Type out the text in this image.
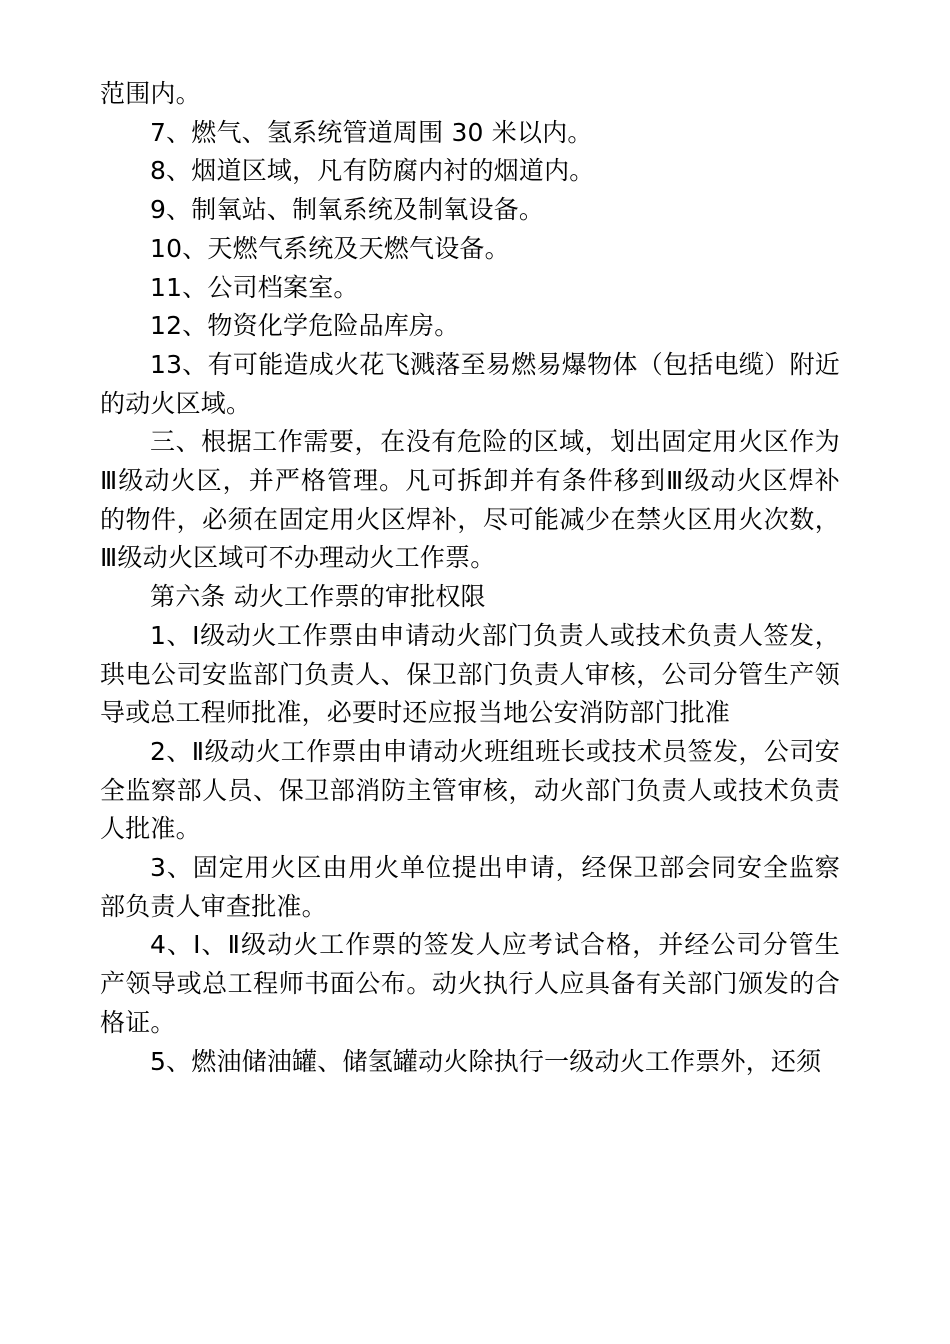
范围内。

7、燃气、氢系统管道周围 30 米以内。

8、烟道区域，凡有防腐内衬的烟道内。

9、制氧站、制氧系统及制氧设备。

10、天燃气系统及天燃气设备。

11、公司档案室。

12、物资化学危险品库房。

13、有可能造成火花飞溅落至易燃易爆物体（包括电缆）附近的动火区域。

三、根据工作需要，在没有危险的区域，划出固定用火区作为Ⅲ级动火区，并严格管理。凡可拆卸并有条件移到Ⅲ级动火区焊补的物件，必须在固定用火区焊补，尽可能减少在禁火区用火次数，Ⅲ级动火区域可不办理动火工作票。

第六条 动火工作票的审批权限

1、Ⅰ级动火工作票由申请动火部门负责人或技术负责人签发，珙电公司安监部门负责人、保卫部门负责人审核，公司分管生产领导或总工程师批准，必要时还应报当地公安消防部门批准

2、Ⅱ级动火工作票由申请动火班组班长或技术员签发，公司安全监察部人员、保卫部消防主管审核，动火部门负责人或技术负责人批准。

3、固定用火区由用火单位提出申请，经保卫部会同安全监察部负责人审查批准。

4、Ⅰ、Ⅱ级动火工作票的签发人应考试合格，并经公司分管生产领导或总工程师书面公布。动火执行人应具备有关部门颁发的合格证。

5、燃油储油罐、储氢罐动火除执行一级动火工作票外，还须
